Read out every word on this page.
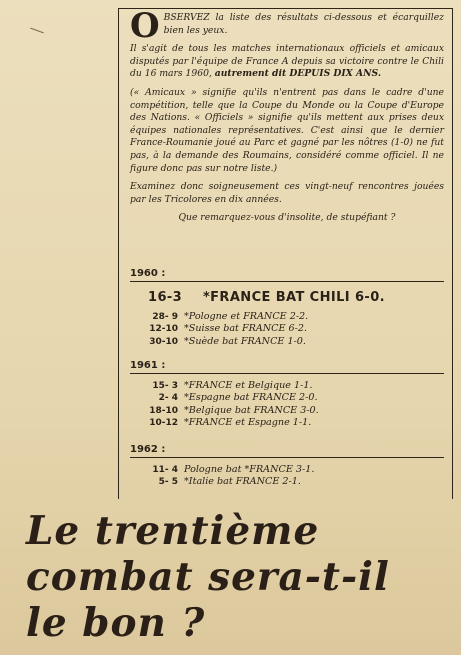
O BSERVEZ la liste des résultats ci-dessous et écarquillez bien les yeux.

Il s'agit de tous les matches internationaux officiels et amicaux disputés par l'équipe de France A depuis sa victoire contre le Chili du 16 mars 1960, autrement dit DEPUIS DIX ANS.

(« Amicaux » signifie qu'ils n'entrent pas dans le cadre d'une compétition, telle que la Coupe du Monde ou la Coupe d'Europe des Nations. « Officiels » signifie qu'ils mettent aux prises deux équipes nationales représentatives. C'est ainsi que le dernier France-Roumanie joué au Parc et gagné par les nôtres (1-0) ne fut pas, à la demande des Roumains, considéré comme officiel. Il ne figure donc pas sur notre liste.)

Examinez donc soigneusement ces vingt-neuf rencontres jouées par les Tricolores en dix années.

Que remarquez-vous d'insolite, de stupéfiant ?

1960 :
16-3 *FRANCE BAT CHILI 6-0.
28- 9 *Pologne et FRANCE 2-2.
12-10 *Suisse bat FRANCE 6-2.
30-10 *Suède bat FRANCE 1-0.
1961 :
15- 3 *FRANCE et Belgique 1-1.
2- 4 *Espagne bat FRANCE 2-0.
18-10 *Belgique bat FRANCE 3-0.
10-12 *FRANCE et Espagne 1-1.
1962 :
11- 4 Pologne bat *FRANCE 3-1.
5- 5 *Italie bat FRANCE 2-1.
Le trentième
combat sera-t-il
le bon ?
